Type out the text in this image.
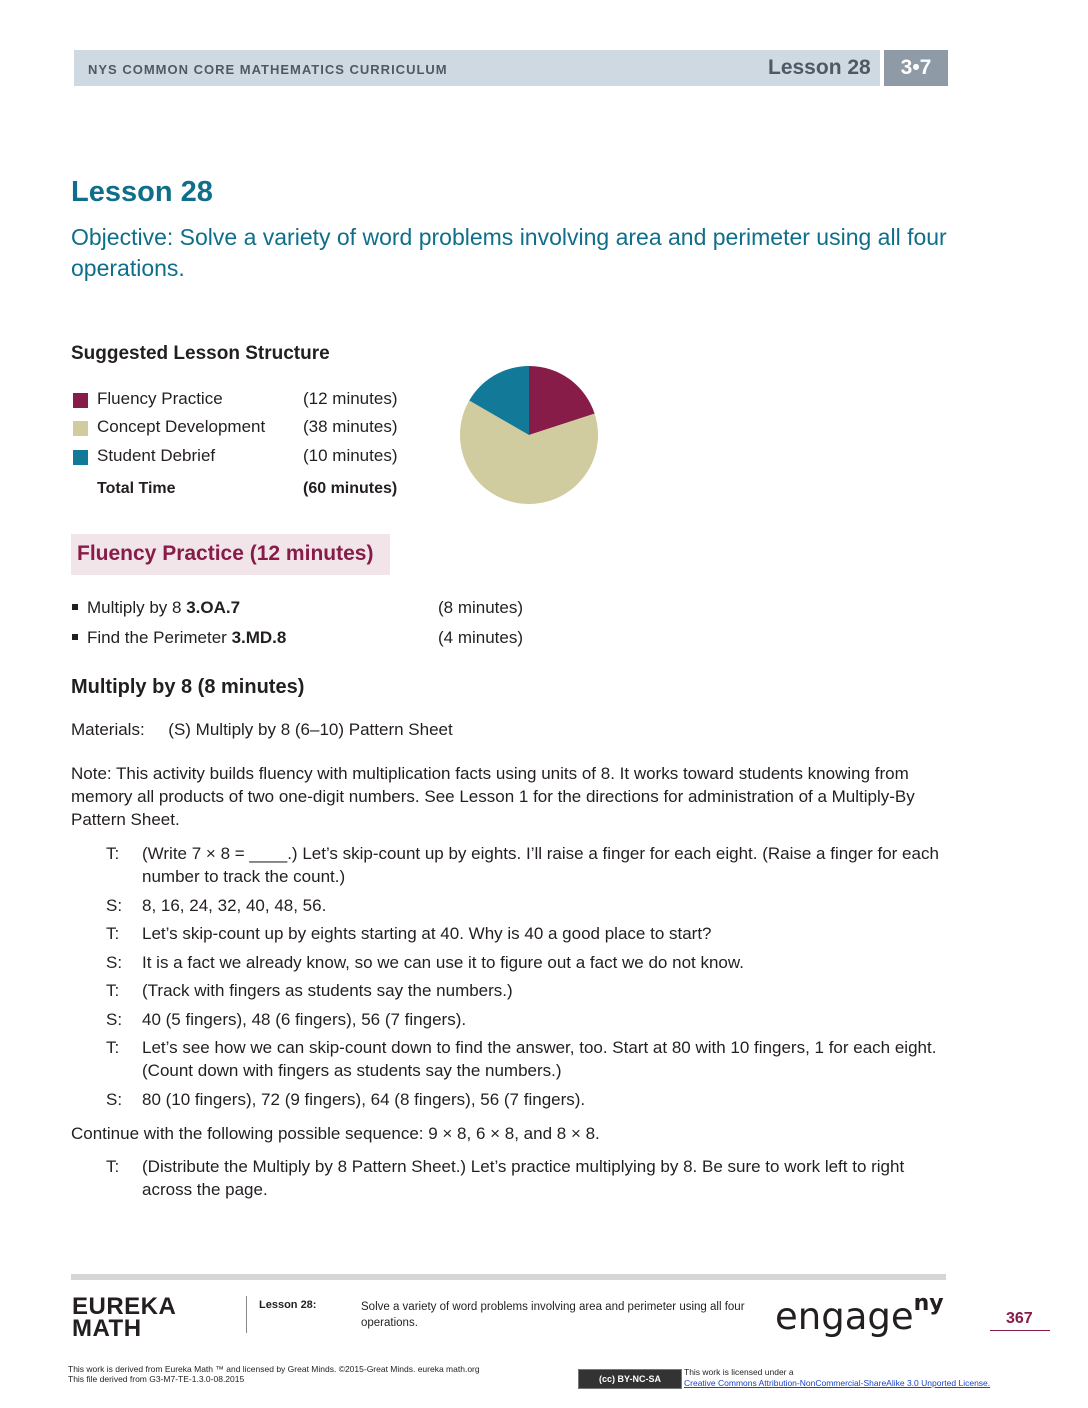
NYS COMMON CORE MATHEMATICS CURRICULUM	Lesson 28	3•7
Lesson 28
Objective: Solve a variety of word problems involving area and perimeter using all four operations.
Suggested Lesson Structure
Fluency Practice	(12 minutes)
Concept Development (38 minutes)
Student Debrief	(10 minutes)
Total Time	(60 minutes)
Fluency Practice (12 minutes)
Multiply by 8 3.OA.7	(8 minutes)
Find the Perimeter 3.MD.8	(4 minutes)
Multiply by 8 (8 minutes)
Materials:     (S) Multiply by 8 (6–10) Pattern Sheet
Note: This activity builds fluency with multiplication facts using units of 8. It works toward students knowing from memory all products of two one-digit numbers. See Lesson 1 for the directions for administration of a Multiply-By Pattern Sheet.
T: (Write 7 × 8 = ____.) Let’s skip-count up by eights. I’ll raise a finger for each eight. (Raise a finger for each number to track the count.)
S: 8, 16, 24, 32, 40, 48, 56.
T: Let’s skip-count up by eights starting at 40. Why is 40 a good place to start?
S: It is a fact we already know, so we can use it to figure out a fact we do not know.
T: (Track with fingers as students say the numbers.)
S: 40 (5 fingers), 48 (6 fingers), 56 (7 fingers).
T: Let’s see how we can skip-count down to find the answer, too. Start at 80 with 10 fingers, 1 for each eight. (Count down with fingers as students say the numbers.)
S: 80 (10 fingers), 72 (9 fingers), 64 (8 fingers), 56 (7 fingers).
Continue with the following possible sequence: 9 × 8, 6 × 8, and 8 × 8.
T: (Distribute the Multiply by 8 Pattern Sheet.) Let’s practice multiplying by 8. Be sure to work left to right across the page.
EUREKA
MATH
Lesson 28:	Solve a variety of word problems involving area and perimeter using all four operations.	engage$^{ny}$
367
This work is derived from Eureka Math ™ and licensed by Great Minds. ©2015-Great Minds. eureka math.org
This file derived from G3-M7-TE-1.3.0-08.2015	(cc) BY-NC-SA
This work is licensed under a
Creative Commons Attribution-NonCommercial-ShareAlike 3.0 Unported License.
